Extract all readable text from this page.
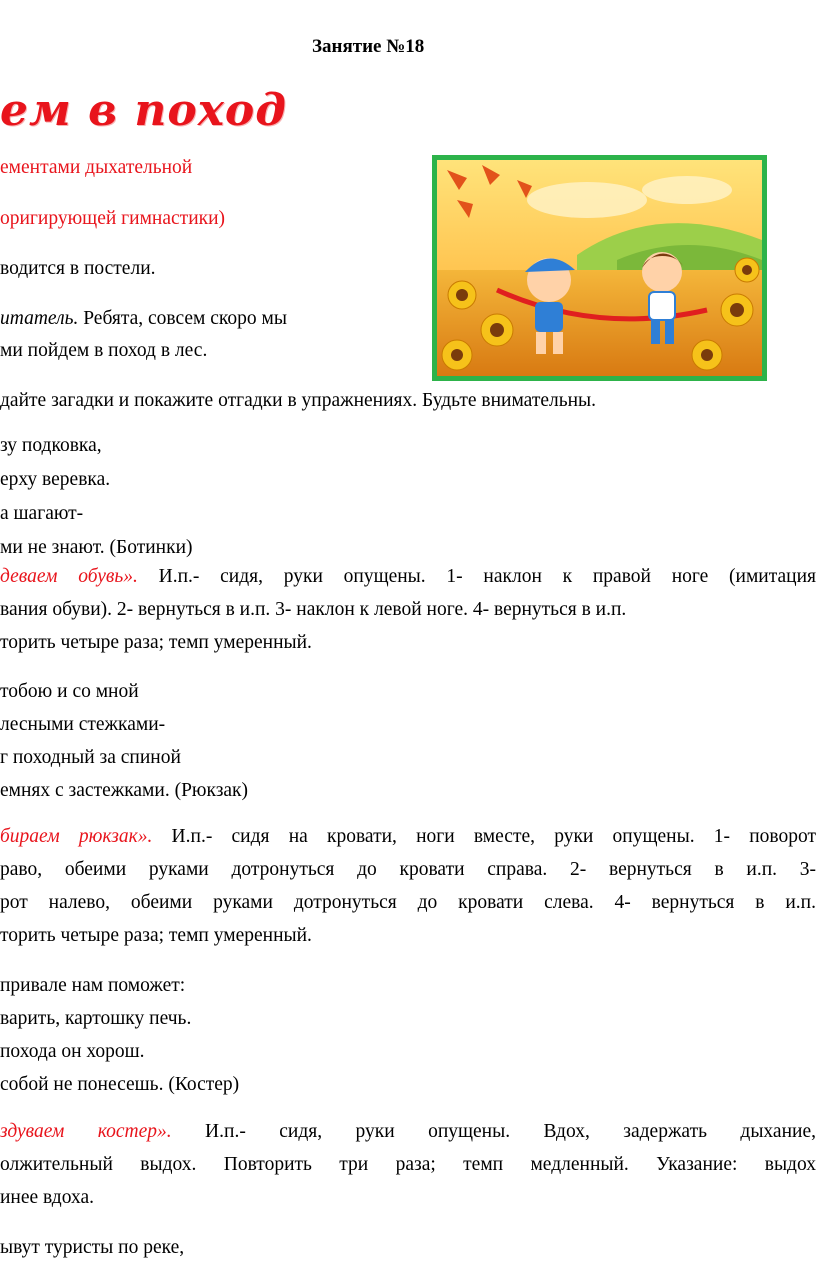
Занятие №18
ем в поход
ементами дыхательной
оригирующей гимнастики)
водится в постели.
итатель. Ребята, совсем скоро мы
ми пойдем в поход в лес.
дайте загадки и покажите отгадки в упражнениях. Будьте внимательны.
зу подковка,
ерху веревка.
а шагают-
ми не знают. (Ботинки)
деваем обувь». И.п.- сидя, руки опущены. 1- наклон к правой ноге (имитация
вания обуви). 2- вернуться в и.п. 3- наклон к левой ноге. 4- вернуться в и.п.
торить четыре раза; темп умеренный.
тобою и со мной
лесными стежками-
г походный за спиной
емнях с застежками. (Рюкзак)
бираем рюкзак». И.п.- сидя на кровати, ноги вместе, руки опущены. 1- поворот
раво, обеими руками дотронуться до кровати справа. 2- вернуться в и.п. 3-
рот налево, обеими руками дотронуться до кровати слева. 4- вернуться в и.п.
торить четыре раза; темп умеренный.
привале нам поможет:
варить, картошку печь.
похода он хорош.
собой не понесешь. (Костер)
здуваем костер». И.п.- сидя, руки опущены. Вдох, задержать дыхание,
олжительный выдох. Повторить три раза; темп медленный. Указание: выдох
инее вдоха.
ывут туристы по реке,
